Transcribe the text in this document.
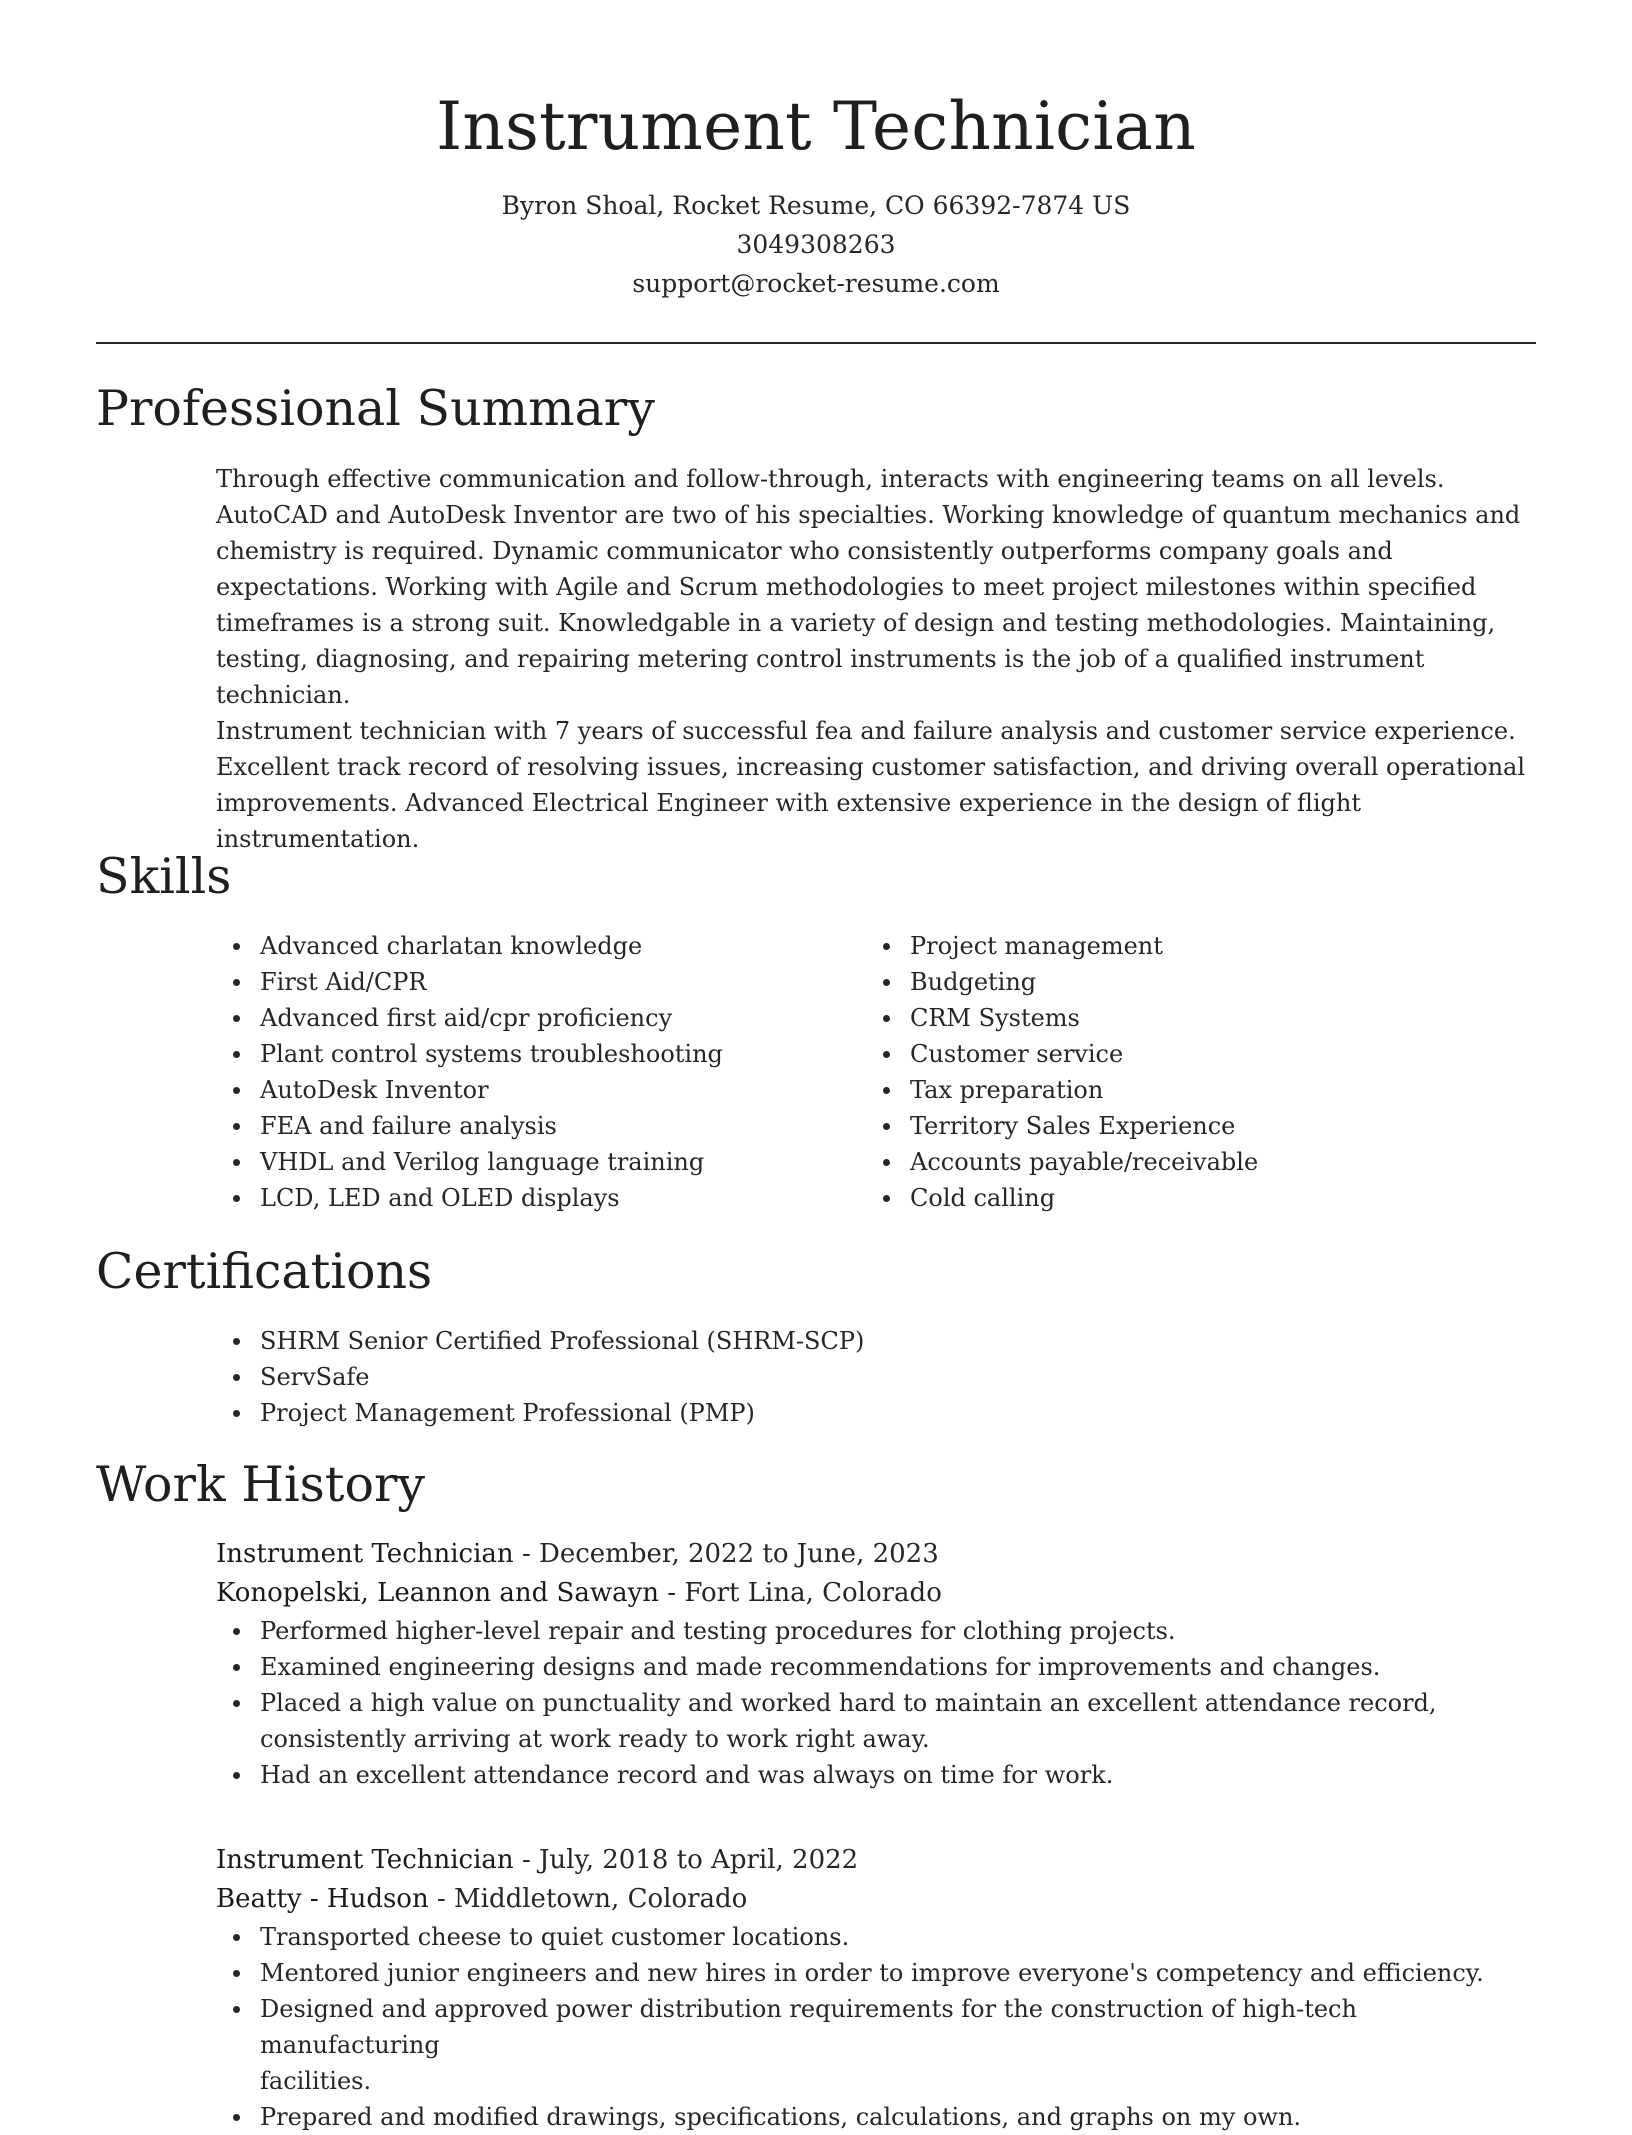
Instrument Technician
Byron Shoal, Rocket Resume, CO 66392-7874 US
3049308263
support@rocket-resume.com
Professional Summary
Through effective communication and follow-through, interacts with engineering teams on all levels.
AutoCAD and AutoDesk Inventor are two of his specialties. Working knowledge of quantum mechanics and
chemistry is required. Dynamic communicator who consistently outperforms company goals and
expectations. Working with Agile and Scrum methodologies to meet project milestones within specified
timeframes is a strong suit. Knowledgable in a variety of design and testing methodologies. Maintaining,
testing, diagnosing, and repairing metering control instruments is the job of a qualified instrument technician.
Instrument technician with 7 years of successful fea and failure analysis and customer service experience.
Excellent track record of resolving issues, increasing customer satisfaction, and driving overall operational
improvements. Advanced Electrical Engineer with extensive experience in the design of flight
instrumentation.
Skills
Advanced charlatan knowledge
First Aid/CPR
Advanced first aid/cpr proficiency
Plant control systems troubleshooting
AutoDesk Inventor
FEA and failure analysis
VHDL and Verilog language training
LCD, LED and OLED displays
Project management
Budgeting
CRM Systems
Customer service
Tax preparation
Territory Sales Experience
Accounts payable/receivable
Cold calling
Certifications
SHRM Senior Certified Professional (SHRM-SCP)
ServSafe
Project Management Professional (PMP)
Work History
Instrument Technician - December, 2022 to June, 2023
Konopelski, Leannon and Sawayn - Fort Lina, Colorado
Performed higher-level repair and testing procedures for clothing projects.
Examined engineering designs and made recommendations for improvements and changes.
Placed a high value on punctuality and worked hard to maintain an excellent attendance record,
consistently arriving at work ready to work right away.
Had an excellent attendance record and was always on time for work.
Instrument Technician - July, 2018 to April, 2022
Beatty - Hudson - Middletown, Colorado
Transported cheese to quiet customer locations.
Mentored junior engineers and new hires in order to improve everyone's competency and efficiency.
Designed and approved power distribution requirements for the construction of high-tech manufacturing
facilities.
Prepared and modified drawings, specifications, calculations, and graphs on my own.
